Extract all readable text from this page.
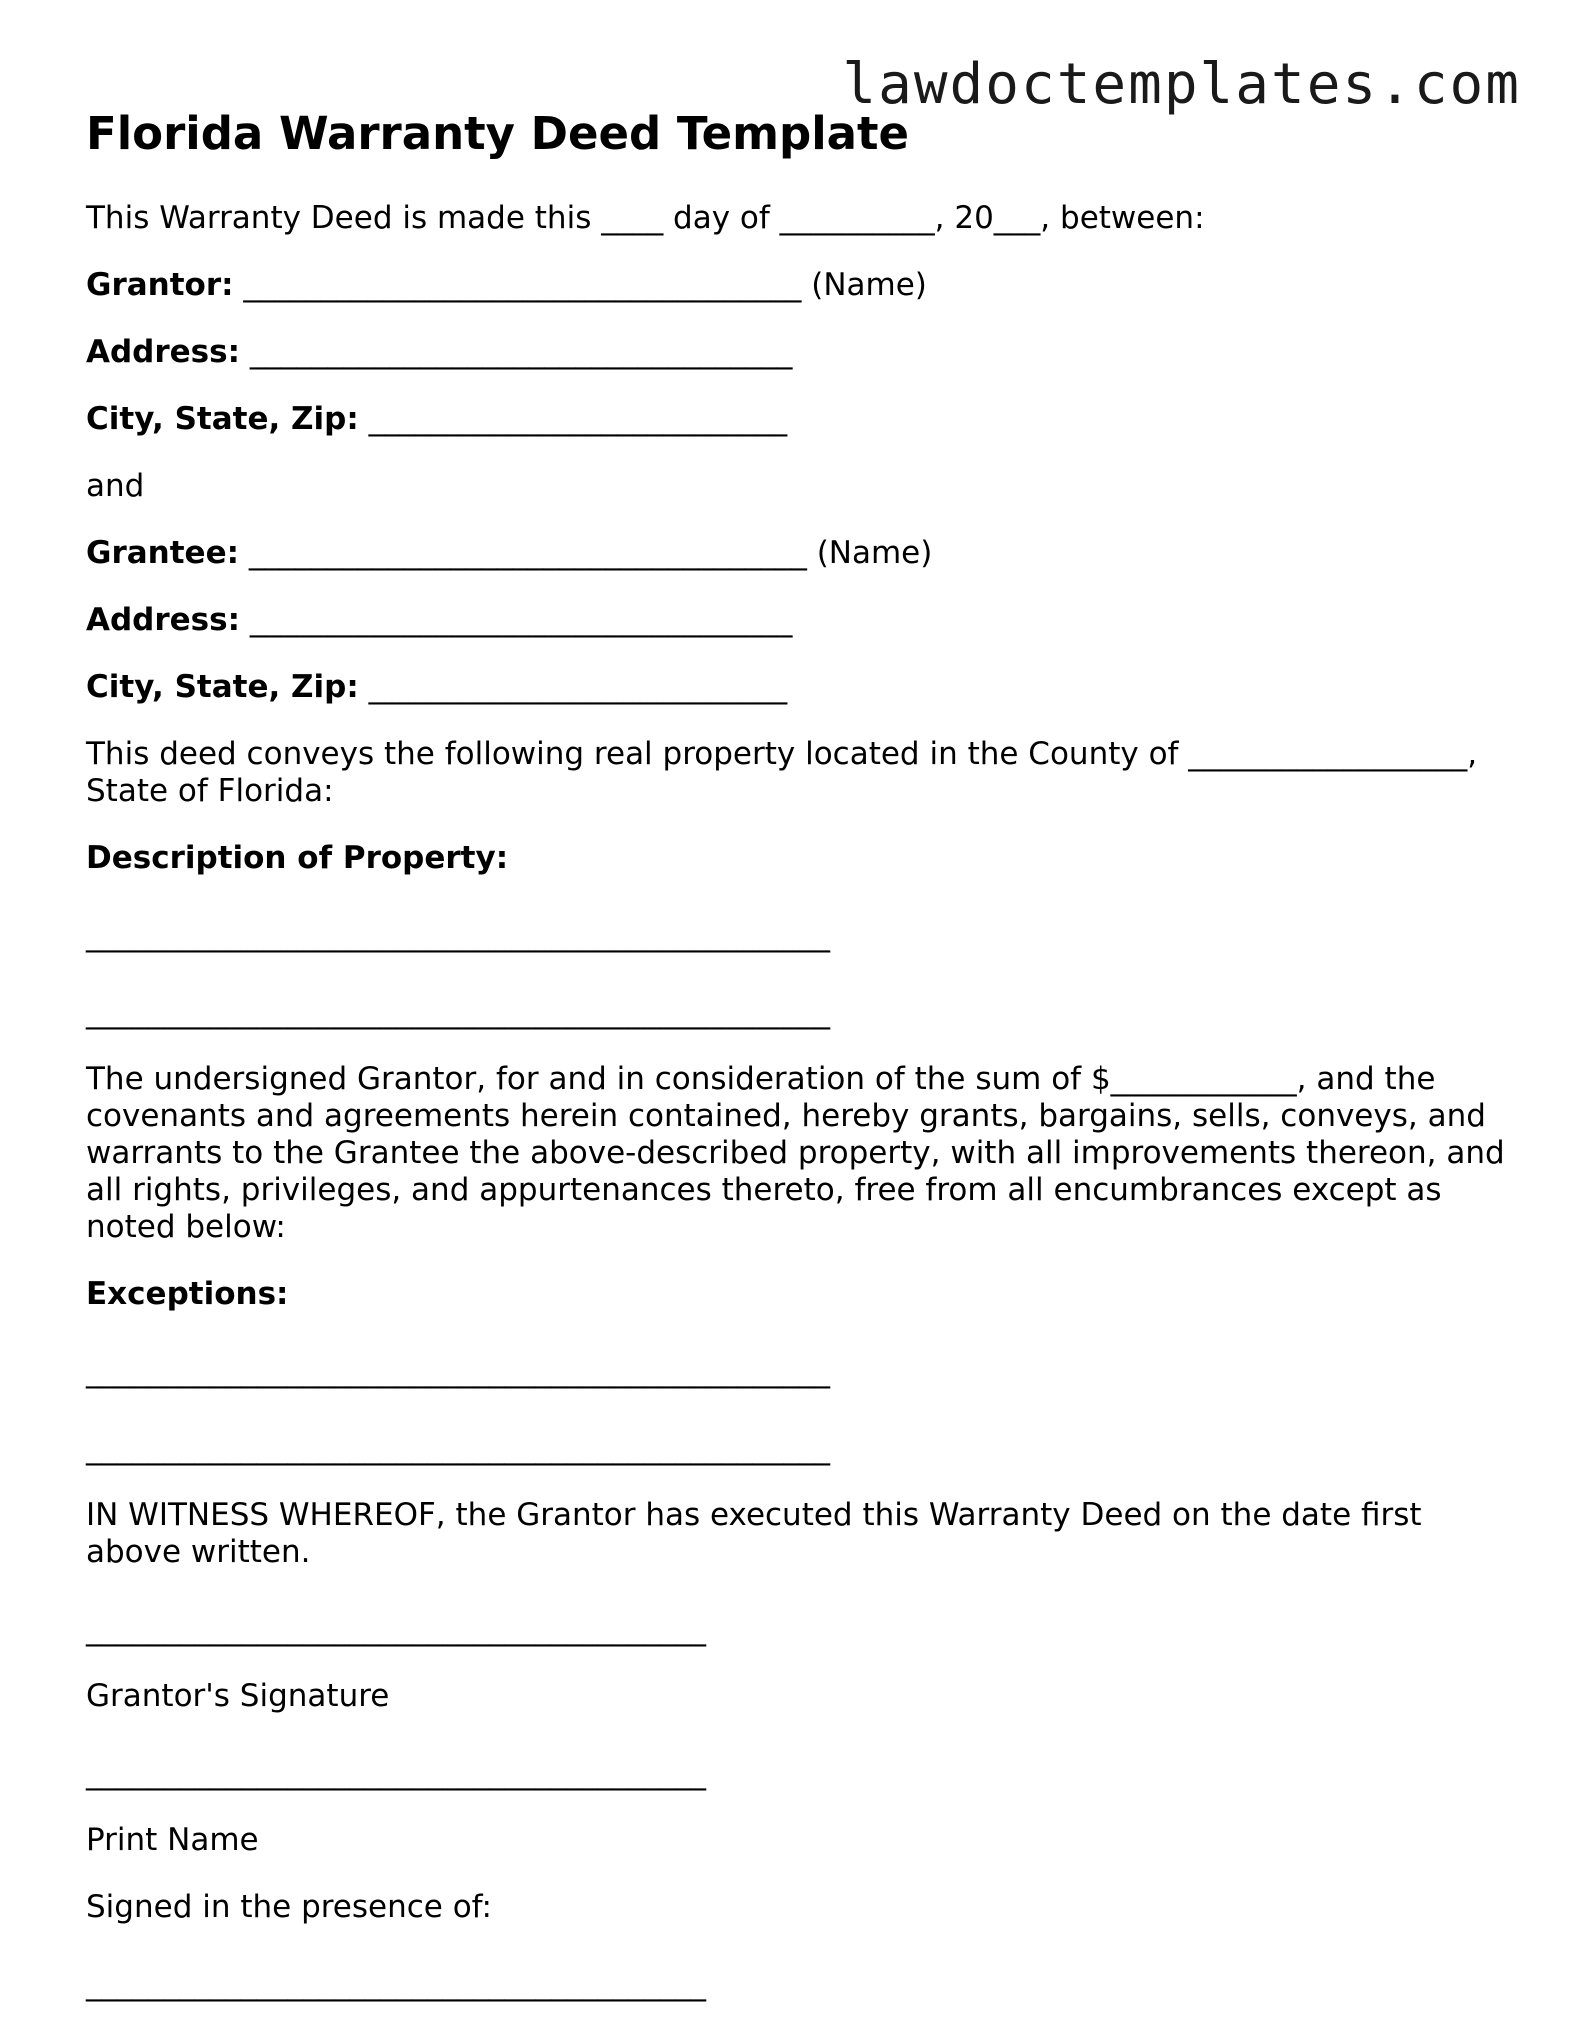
lawdoctemplates.com
Florida Warranty Deed Template
This Warranty Deed is made this ____ day of __________, 20___, between:
Grantor: ____________________________________ (Name)
Address: ___________________________________
City, State, Zip: ___________________________
and
Grantee: ____________________________________ (Name)
Address: ___________________________________
City, State, Zip: ___________________________
This deed conveys the following real property located in the County of __________________, State of Florida:
Description of Property:
________________________________________________
________________________________________________
The undersigned Grantor, for and in consideration of the sum of $____________, and the covenants and agreements herein contained, hereby grants, bargains, sells, conveys, and warrants to the Grantee the above-described property, with all improvements thereon, and all rights, privileges, and appurtenances thereto, free from all encumbrances except as noted below:
Exceptions:
________________________________________________
________________________________________________
IN WITNESS WHEREOF, the Grantor has executed this Warranty Deed on the date first above written.
________________________________________
Grantor's Signature
________________________________________
Print Name
Signed in the presence of:
________________________________________
